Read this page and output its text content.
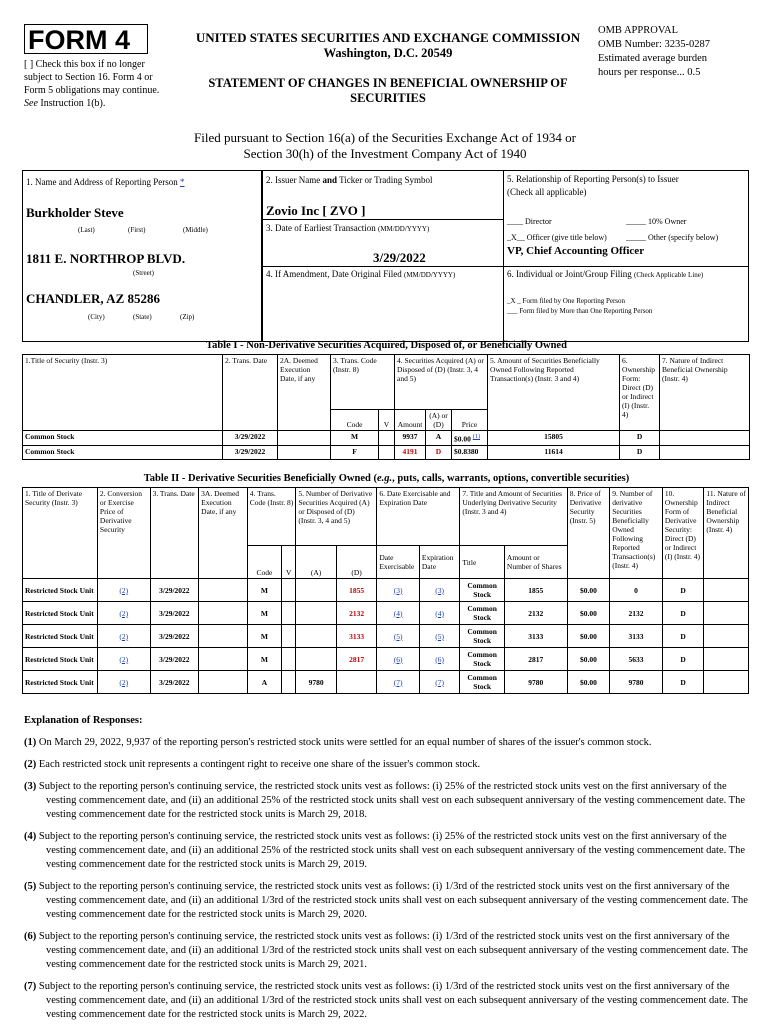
FORM 4
[ ] Check this box if no longer subject to Section 16. Form 4 or Form 5 obligations may continue. See Instruction 1(b).
UNITED STATES SECURITIES AND EXCHANGE COMMISSION
Washington, D.C. 20549
STATEMENT OF CHANGES IN BENEFICIAL OWNERSHIP OF SECURITIES
OMB APPROVAL
OMB Number: 3235-0287
Estimated average burden
hours per response... 0.5
Filed pursuant to Section 16(a) of the Securities Exchange Act of 1934 or
Section 30(h) of the Investment Company Act of 1940
1. Name and Address of Reporting Person *
Burkholder Steve
(Last)	(First)	(Middle)
1811 E. NORTHROP BLVD.
(Street)
CHANDLER, AZ 85286
(City)	(State)	(Zip)
2. Issuer Name and Ticker or Trading Symbol
Zovio Inc [ ZVO ]
3. Date of Earliest Transaction (MM/DD/YYYY)
3/29/2022
4. If Amendment, Date Original Filed (MM/DD/YYYY)
5. Relationship of Reporting Person(s) to Issuer
(Check all applicable)
____ Director	_____ 10% Owner
_X__ Officer (give title below) _____ Other (specify below)
VP, Chief Accounting Officer
6. Individual or Joint/Group Filing (Check Applicable Line)
_X _ Form filed by One Reporting Person
___ Form filed by More than One Reporting Person
Table I - Non-Derivative Securities Acquired, Disposed of, or Beneficially Owned
1.Title of Security (Instr. 3)	2. Trans. Date	2A. Deemed Execution Date, if any	3. Trans. Code (Instr. 8)		4. Securities Acquired (A) or Disposed of (D) (Instr. 3, 4 and 5)			5. Amount of Securities Beneficially Owned Following Reported Transaction(s) (Instr. 3 and 4)	6. Ownership Form: Direct (D) or Indirect (I) (Instr. 4)	7. Nature of Indirect Beneficial Ownership (Instr. 4)
			Code	V	Amount	(A) or (D)	Price			
Common Stock	3/29/2022		M		9937	A	$0.00 $^{(1)}$	15805	D	
Common Stock	3/29/2022		F		4191	D	$0.8380	11614	D	
Table II - Derivative Securities Beneficially Owned (e.g., puts, calls, warrants, options, convertible securities)
1. Title of Derivate Security (Instr. 3)	2. Conversion or Exercise Price of Derivative Security	3. Trans. Date	3A. Deemed Execution Date, if any	4. Trans. Code (Instr. 8)		5. Number of Derivative Securities Acquired (A) or Disposed of (D) (Instr. 3, 4 and 5)		6. Date Exercisable and Expiration Date		7. Title and Amount of Securities Underlying Derivative Security (Instr. 3 and 4)		8. Price of Derivative Security (Instr. 5)	9. Number of derivative Securities Beneficially Owned Following Reported Transaction(s) (Instr. 4)	10. Ownership Form of Derivative Security: Direct (D) or Indirect (I) (Instr. 4)	11. Nature of Indirect Beneficial Ownership (Instr. 4)
				Code	V	(A)	(D)	Date Exercisable	Expiration Date	Title	Amount or Number of Shares				
Restricted Stock Unit	(2)	3/29/2022		M			1855	(3)	(3)	Common Stock	1855	$0.00	0	D	
Restricted Stock Unit	(2)	3/29/2022		M			2132	(4)	(4)	Common Stock	2132	$0.00	2132	D	
Restricted Stock Unit	(2)	3/29/2022		M			3133	(5)	(5)	Common Stock	3133	$0.00	3133	D	
Restricted Stock Unit	(2)	3/29/2022		M			2817	(6)	(6)	Common Stock	2817	$0.00	5633	D	
Restricted Stock Unit	(2)	3/29/2022		A		9780		(7)	(7)	Common Stock	9780	$0.00	9780	D	
Explanation of Responses:

(1) On March 29, 2022, 9,937 of the reporting person's restricted stock units were settled for an equal number of shares of the issuer's common stock.

(2) Each restricted stock unit represents a contingent right to receive one share of the issuer's common stock.

(3) Subject to the reporting person's continuing service, the restricted stock units vest as follows: (i) 25% of the restricted stock units vest on the first anniversary of the vesting commencement date, and (ii) an additional 25% of the restricted stock units shall vest on each subsequent anniversary of the vesting commencement date. The vesting commencement date for the restricted stock units is March 29, 2018.

(4) Subject to the reporting person's continuing service, the restricted stock units vest as follows: (i) 25% of the restricted stock units vest on the first anniversary of the vesting commencement date, and (ii) an additional 25% of the restricted stock units shall vest on each subsequent anniversary of the vesting commencement date. The vesting commencement date for the restricted stock units is March 29, 2019.

(5) Subject to the reporting person's continuing service, the restricted stock units vest as follows: (i) 1/3rd of the restricted stock units vest on the first anniversary of the vesting commencement date, and (ii) an additional 1/3rd of the restricted stock units shall vest on each subsequent anniversary of the vesting commencement date. The vesting commencement date for the restricted stock units is March 29, 2020.

(6) Subject to the reporting person's continuing service, the restricted stock units vest as follows: (i) 1/3rd of the restricted stock units vest on the first anniversary of the vesting commencement date, and (ii) an additional 1/3rd of the restricted stock units shall vest on each subsequent anniversary of the vesting commencement date. The vesting commencement date for the restricted stock units is March 29, 2021.

(7) Subject to the reporting person's continuing service, the restricted stock units vest as follows: (i) 1/3rd of the restricted stock units vest on the first anniversary of the vesting commencement date, and (ii) an additional 1/3rd of the restricted stock units shall vest on each subsequent anniversary of the vesting commencement date. The vesting commencement date for the restricted stock units is March 29, 2022.
